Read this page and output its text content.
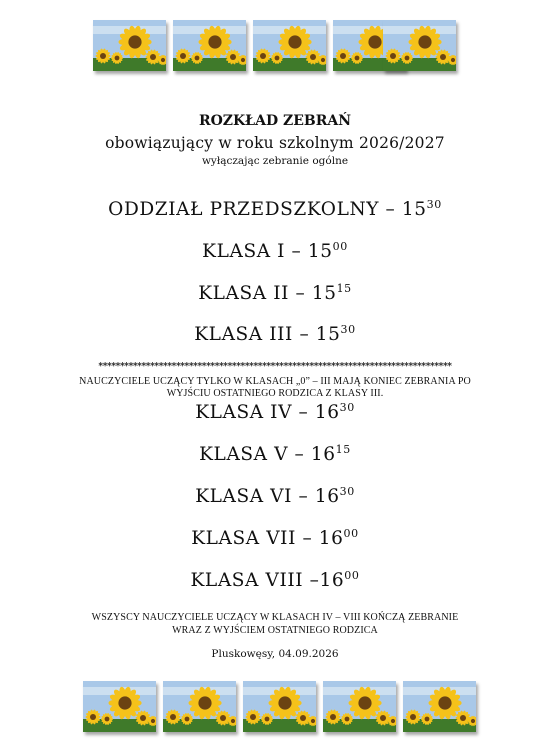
ROZKŁAD ZEBRAŃ
obowiązujący w roku szkolnym 2026/2027
wyłączając zebranie ogólne
ODDZIAŁ PRZEDSZKOLNY – $15^{30}$
KLASA I – $15^{00}$
KLASA II – $15^{15}$
KLASA III – $15^{30}$
**********************************************************************************
NAUCZYCIELE UCZĄCY TYLKO W KLASACH „0” – III MAJĄ KONIEC ZEBRANIA PO
WYJŚCIU OSTATNIEGO RODZICA Z KLASY III.
KLASA IV – $16^{30}$
KLASA V – $16^{15}$
KLASA VI – $16^{30}$
KLASA VII – $16^{00}$
KLASA VIII $-16^{00}$
WSZYSCY NAUCZYCIELE UCZĄCY W KLASACH IV – VIII KOŃCZĄ ZEBRANIE
WRAZ Z WYJŚCIEM OSTATNIEGO RODZICA
Pluskowęsy, 04.09.2026
